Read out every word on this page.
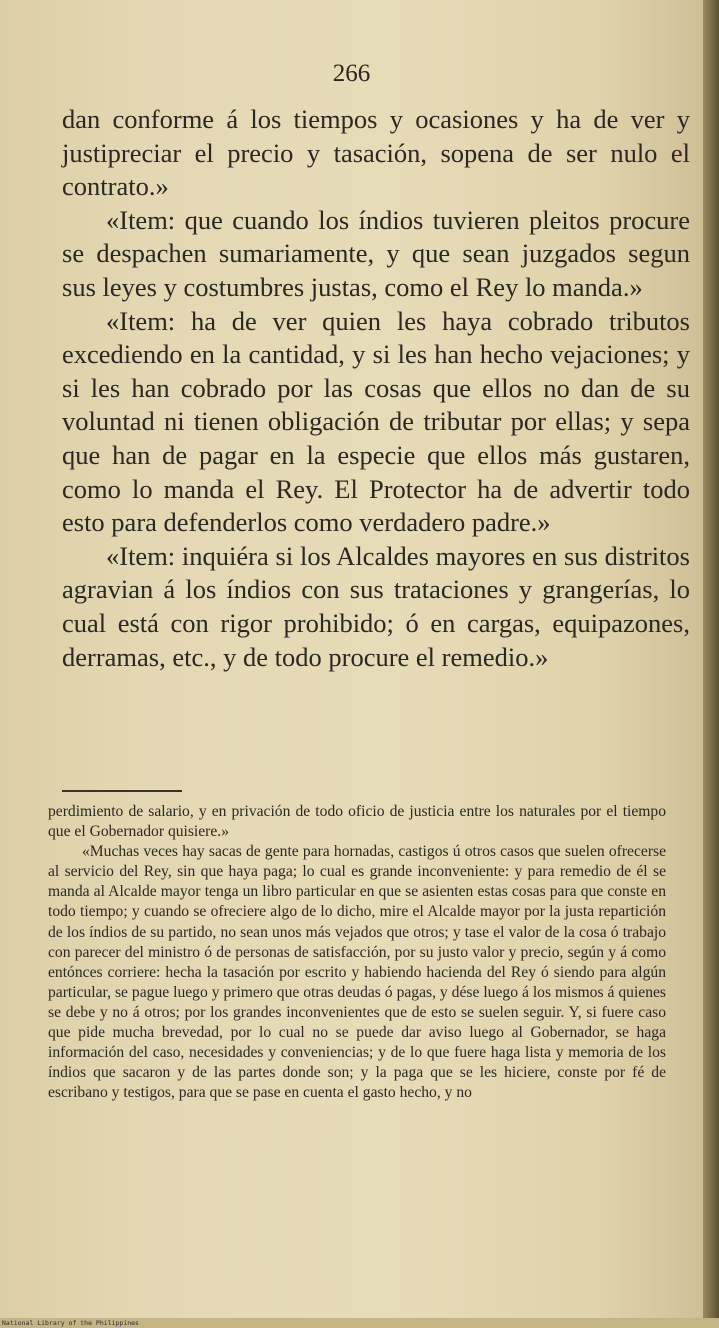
266

dan conforme á los tiempos y ocasiones y ha de ver y justipreciar el precio y tasación, sopena de ser nulo el contrato.»

«Item: que cuando los índios tuvieren pleitos procure se despachen sumariamente, y que sean juzgados segun sus leyes y costumbres justas, como el Rey lo manda.»

«Item: ha de ver quien les haya cobrado tributos excediendo en la cantidad, y si les han hecho vejaciones; y si les han cobrado por las cosas que ellos no dan de su voluntad ni tienen obligación de tributar por ellas; y sepa que han de pagar en la especie que ellos más gustaren, como lo manda el Rey. El Protector ha de advertir todo esto para defenderlos como verdadero padre.»

«Item: inquiéra si los Alcaldes mayores en sus distritos agravian á los índios con sus trataciones y grangerías, lo cual está con rigor prohibido; ó en cargas, equipazones, derramas, etc., y de todo procure el remedio.»

perdimiento de salario, y en privación de todo oficio de justicia entre los naturales por el tiempo que el Gobernador quisiere.»

«Muchas veces hay sacas de gente para hornadas, castigos ú otros casos que suelen ofrecerse al servicio del Rey, sin que haya paga; lo cual es grande inconveniente: y para remedio de él se manda al Alcalde mayor tenga un libro particular en que se asienten estas cosas para que conste en todo tiempo; y cuando se ofreciere algo de lo dicho, mire el Alcalde mayor por la justa repartición de los índios de su partido, no sean unos más vejados que otros; y tase el valor de la cosa ó trabajo con parecer del ministro ó de personas de satisfacción, por su justo valor y precio, según y á como entónces corriere: hecha la tasación por escrito y habiendo hacienda del Rey ó siendo para algún particular, se pague luego y primero que otras deudas ó pagas, y dése luego á los mismos á quienes se debe y no á otros; por los grandes inconvenientes que de esto se suelen seguir. Y, si fuere caso que pide mucha brevedad, por lo cual no se puede dar aviso luego al Gobernador, se haga información del caso, necesidades y conveniencias; y de lo que fuere haga lista y memoria de los índios que sacaron y de las partes donde son; y la paga que se les hiciere, conste por fé de escribano y testigos, para que se pase en cuenta el gasto hecho, y no

National Library of the Philippines
